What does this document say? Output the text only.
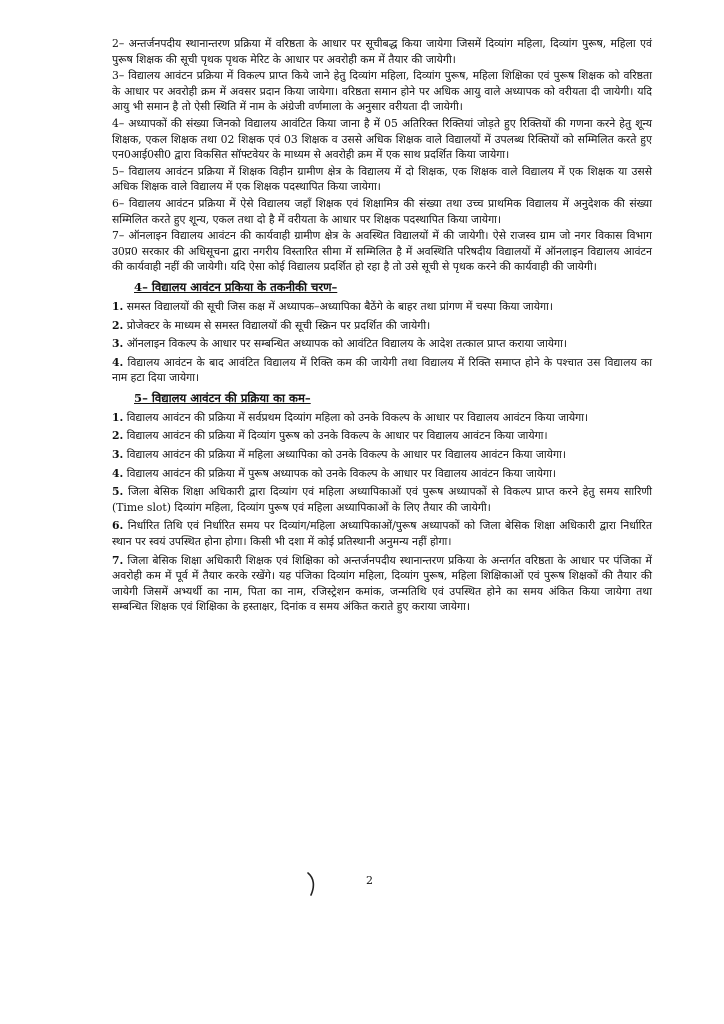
2– अन्तर्जनपदीय स्थानान्तरण प्रक्रिया में वरिष्ठता के आधार पर सूचीबद्ध किया जायेगा जिसमें दिव्यांग महिला, दिव्यांग पुरूष, महिला एवं पुरूष शिक्षक की सूची पृथक पृथक मेरिट के आधार पर अवरोही कम में तैयार की जायेगी।

3– विद्यालय आवंटन प्रक्रिया में विकल्प प्राप्त किये जाने हेतु दिव्यांग महिला, दिव्यांग पुरूष, महिला शिक्षिका एवं पुरूष शिक्षक को वरिष्ठता के आधार पर अवरोही क्रम में अवसर प्रदान किया जायेगा। वरिष्ठता समान होने पर अधिक आयु वाले अध्यापक को वरीयता दी जायेगी। यदि आयु भी समान है तो ऐसी स्थिति में नाम के अंग्रेजी वर्णमाला के अनुसार वरीयता दी जायेगी।

4– अध्यापकों की संख्या जिनको विद्यालय आवंटित किया जाना है में 05 अतिरिक्त रिक्तियां जोड़ते हुए रिक्तियों की गणना करने हेतु शून्य शिक्षक, एकल शिक्षक तथा 02 शिक्षक एवं 03 शिक्षक व उससे अधिक शिक्षक वाले विद्यालयों में उपलब्ध रिक्तियों को सम्मिलित करते हुए एन0आई0सी0 द्वारा विकसित सॉफ्टवेयर के माध्यम से अवरोही क्रम में एक साथ प्रदर्शित किया जायेगा।

5– विद्यालय आवंटन प्रक्रिया में शिक्षक विहीन ग्रामीण क्षेत्र के विद्यालय में दो शिक्षक, एक शिक्षक वाले विद्यालय में एक शिक्षक या उससे अधिक शिक्षक वाले विद्यालय में एक शिक्षक पदस्थापित किया जायेगा।

6– विद्यालय आवंटन प्रक्रिया में ऐसे विद्यालय जहाँ शिक्षक एवं शिक्षामित्र की संख्या तथा उच्च प्राथमिक विद्यालय में अनुदेशक की संख्या सम्मिलित करते हुए शून्य, एकल तथा दो है में वरीयता के आधार पर शिक्षक पदस्थापित किया जायेगा।

7– ऑनलाइन विद्यालय आवंटन की कार्यवाही ग्रामीण क्षेत्र के अवस्थित विद्यालयों में की जायेगी। ऐसे राजस्व ग्राम जो नगर विकास विभाग उ0प्र0 सरकार की अधिसूचना द्वारा नगरीय विस्तारित सीमा में सम्मिलित है में अवस्थिति परिषदीय विद्यालयों में ऑनलाइन विद्यालय आवंटन की कार्यवाही नहीं की जायेगी। यदि ऐसा कोई विद्यालय प्रदर्शित हो रहा है तो उसे सूची से पृथक करने की कार्यवाही की जायेगी।

4– विद्यालय आवंटन प्रकिया के तकनीकी चरण–

1. समस्त विद्यालयों की सूची जिस कक्ष में अध्यापक–अध्यापिका बैठेंगे के बाहर तथा प्रांगण में चस्पा किया जायेगा।

2. प्रोजेक्टर के माध्यम से समस्त विद्यालयों की सूची स्क्रिन पर प्रदर्शित की जायेगी।

3. ऑनलाइन विकल्प के आधार पर सम्बन्धित अध्यापक को आवंटित विद्यालय के आदेश तत्काल प्राप्त कराया जायेगा।

4. विद्यालय आवंटन के बाद आवंटित विद्यालय में रिक्ति कम की जायेगी तथा विद्यालय में रिक्ति समाप्त होने के पश्चात उस विद्यालय का नाम हटा दिया जायेगा।

5– विद्यालय आवंटन की प्रक्रिया का कम–

1. विद्यालय आवंटन की प्रक्रिया में सर्वप्रथम दिव्यांग महिला को उनके विकल्प के आधार पर विद्यालय आवंटन किया जायेगा।

2. विद्यालय आवंटन की प्रक्रिया में दिव्यांग पुरूष को उनके विकल्प के आधार पर विद्यालय आवंटन किया जायेगा।

3. विद्यालय आवंटन की प्रक्रिया में महिला अध्यापिका को उनके विकल्प के आधार पर विद्यालय आवंटन किया जायेगा।

4. विद्यालय आवंटन की प्रक्रिया में पुरूष अध्यापक को उनके विकल्प के आधार पर विद्यालय आवंटन किया जायेगा।

5. जिला बेसिक शिक्षा अधिकारी द्वारा दिव्यांग एवं महिला अध्यापिकाओं एवं पुरूष अध्यापकों से विकल्प प्राप्त करने हेतु समय सारिणी (Time slot) दिव्यांग महिला, दिव्यांग पुरूष एवं महिला अध्यापिकाओं के लिए तैयार की जायेगी।

6. निर्धारित तिथि एवं निर्धारित समय पर दिव्यांग/महिला अध्यापिकाओं/पुरूष अध्यापकों को जिला बेसिक शिक्षा अधिकारी द्वारा निर्धारित स्थान पर स्वयं उपस्थित होना होगा। किसी भी दशा में कोई प्रतिस्थानी अनुमन्य नहीं होगा।

7. जिला बेसिक शिक्षा अधिकारी शिक्षक एवं शिक्षिका को अन्तर्जनपदीय स्थानान्तरण प्रकिया के अन्तर्गत वरिष्ठता के आधार पर पंजिका में अवरोही कम में पूर्व में तैयार करके रखेंगे। यह पंजिका दिव्यांग महिला, दिव्यांग पुरूष, महिला शिक्षिकाओं एवं पुरूष शिक्षकों की तैयार की जायेगी जिसमें अभ्यर्थी का नाम, पिता का नाम, रजिस्ट्रेशन कमांक, जन्मतिथि एवं उपस्थित होने का समय अंकित किया जायेगा तथा सम्बन्धित शिक्षक एवं शिक्षिका के हस्ताक्षर, दिनांक व समय अंकित कराते हुए कराया जायेगा।

2
